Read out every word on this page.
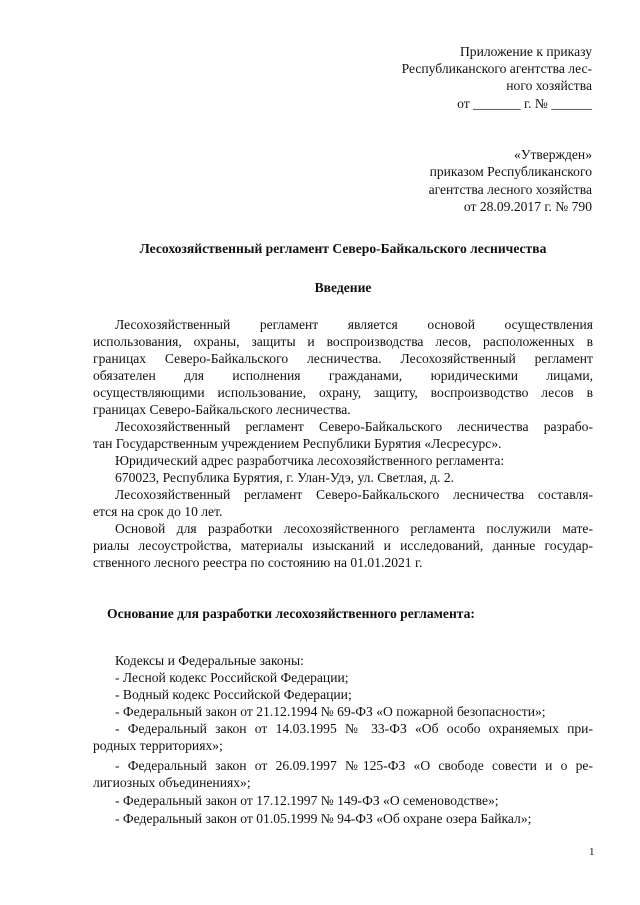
Приложение к приказу
Республиканского агентства лес-
ного хозяйства
от _______ г. № ______
«Утвержден»
приказом Республиканского
агентства лесного хозяйства
от 28.09.2017 г. № 790
Лесохозяйственный регламент Северо-Байкальского лесничества
Введение
Лесохозяйственный регламент является основой осуществления
использования, охраны, защиты и воспроизводства лесов, расположенных в
границах Северо-Байкальского лесничества. Лесохозяйственный регламент
обязателен для исполнения гражданами, юридическими лицами,
осуществляющими использование, охрану, защиту, воспроизводство лесов в
границах Северо-Байкальского лесничества.
Лесохозяйственный регламент Северо-Байкальского лесничества разрабо-
тан Государственным учреждением Республики Бурятия «Лесресурс».
Юридический адрес разработчика лесохозяйственного регламента:
670023, Республика Бурятия, г. Улан-Удэ, ул. Светлая, д. 2.
Лесохозяйственный регламент Северо-Байкальского лесничества составля-
ется на срок до 10 лет.
Основой для разработки лесохозяйственного регламента послужили мате-
риалы лесоустройства, материалы изысканий и исследований, данные государ-
ственного лесного реестра по состоянию на 01.01.2021 г.
Основание для разработки лесохозяйственного регламента:
Кодексы и Федеральные законы:
- Лесной кодекс Российской Федерации;
- Водный кодекс Российской Федерации;
- Федеральный закон от 21.12.1994 № 69-ФЗ «О пожарной безопасности»;
- Федеральный закон от 14.03.1995 № 33-ФЗ «Об особо охраняемых при-
родных территориях»;
- Федеральный закон от 26.09.1997 №125-ФЗ «О свободе совести и о ре-
лигиозных объединениях»;
- Федеральный закон от 17.12.1997 № 149-ФЗ «О семеноводстве»;
- Федеральный закон от 01.05.1999 № 94-ФЗ «Об охране озера Байкал»;
1
